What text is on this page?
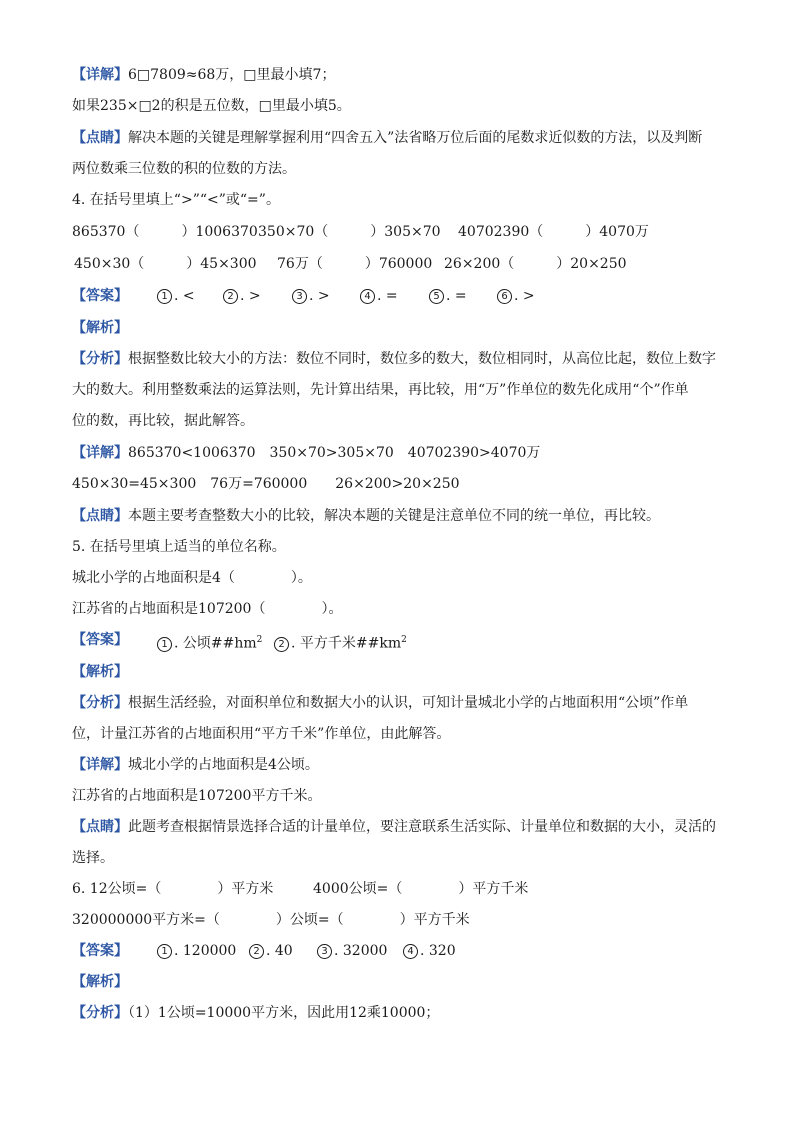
【详解】6□7809≈68万，□里最小填7；
如果235×□2的积是五位数，□里最小填5。
【点睛】解决本题的关键是理解掌握利用“四舍五入”法省略万位后面的尾数求近似数的方法，以及判断
两位数乘三位数的积的位数的方法。
4. 在括号里填上“>”“<”或“=”。
865370（　　　）1006370 350×70（　　　）305×70 40702390（　　　）4070万
450×30（　　　）45×300 76万（　　　）760000 26×200（　　　）20×250
【答案】	1 . <	2 . >	3 . >	4 . =	5 . =	6 . >
【解析】
【分析】根据整数比较大小的方法：数位不同时，数位多的数大，数位相同时，从高位比起，数位上数字
大的数大。利用整数乘法的运算法则，先计算出结果，再比较，用“万”作单位的数先化成用“个”作单
位的数，再比较，据此解答。
【详解】865370<1006370　350×70>305×70　40702390>4070万
450×30=45×300　76万=760000　　26×200>20×250
【点睛】本题主要考查整数大小的比较，解决本题的关键是注意单位不同的统一单位，再比较。
5. 在括号里填上适当的单位名称。
城北小学的占地面积是4（　　　　）。
江苏省的占地面积是107200（　　　　）。
【答案】	1 . 公顷$\#\#hm^2$	2 . 平方千米$\#\#km^2$
【解析】
【分析】根据生活经验，对面积单位和数据大小的认识，可知计量城北小学的占地面积用“公顷”作单
位，计量江苏省的占地面积用“平方千米”作单位，由此解答。
【详解】城北小学的占地面积是4公顷。
江苏省的占地面积是107200平方千米。
【点睛】此题考查根据情景选择合适的计量单位，要注意联系生活实际、计量单位和数据的大小，灵活的
选择。
6. 12公顷=（　　　　）平方米	4000公顷=（　　　　）平方千米
320000000平方米=（　　　　）公顷=（　　　　）平方千米
【答案】	1 . 120000	2 . 40	3 . 32000	4 . 320
【解析】
【分析】（1）1公顷=10000平方米，因此用12乘10000；
